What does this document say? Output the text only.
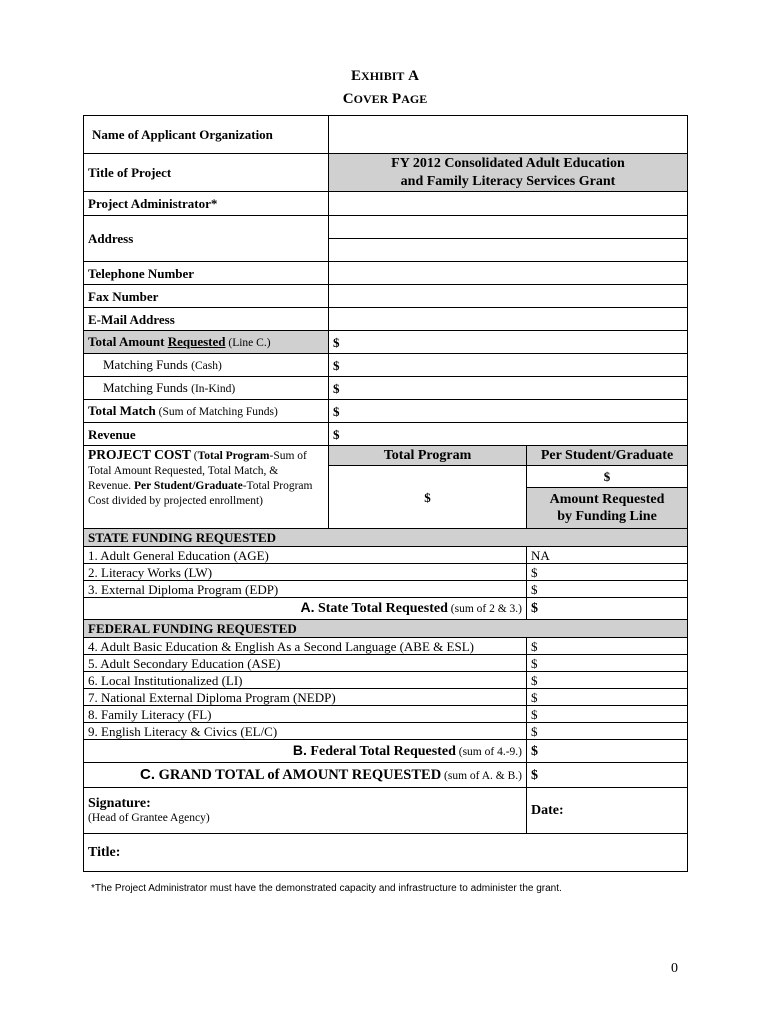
EXHIBIT A
COVER PAGE
Name of Applicant Organization		
Title of Project	FY 2012 Consolidated Adult Education
and Family Literacy Services Grant	

Project Administrator*		
Address		

Telephone Number		
Fax Number		
E-Mail Address		
Total Amount Requested (Line C.)	$	
Matching Funds (Cash)	$	
Matching Funds (In-Kind)	$	
Total Match (Sum of Matching Funds)	$	
Revenue	$	
PROJECT COST (Total Program-Sum of Total Amount Requested, Total Match, & Revenue. Per Student/Graduate-Total Program Cost divided by projected enrollment)	Total Program	Per Student/Graduate
	$	$

		Amount Requested
by Funding Line

STATE FUNDING REQUESTED		
1. Adult General Education (AGE)		NA
2. Literacy Works (LW)		$
3. External Diploma Program (EDP)		$
A. State Total Requested (sum of 2 & 3.)		$
FEDERAL FUNDING REQUESTED		
4. Adult Basic Education & English As a Second Language (ABE & ESL)		$
5. Adult Secondary Education (ASE)		$
6. Local Institutionalized (LI)		$
7. National External Diploma Program (NEDP)		$
8. Family Literacy (FL)		$
9. English Literacy & Civics (EL/C)		$
B. Federal Total Requested (sum of 4.-9.)		$
C. GRAND TOTAL of AMOUNT REQUESTED (sum of A. & B.)		$

Signature:
(Head of Grantee Agency)		Date:
Title:		
*The Project Administrator must have the demonstrated capacity and infrastructure to administer the grant.
0
